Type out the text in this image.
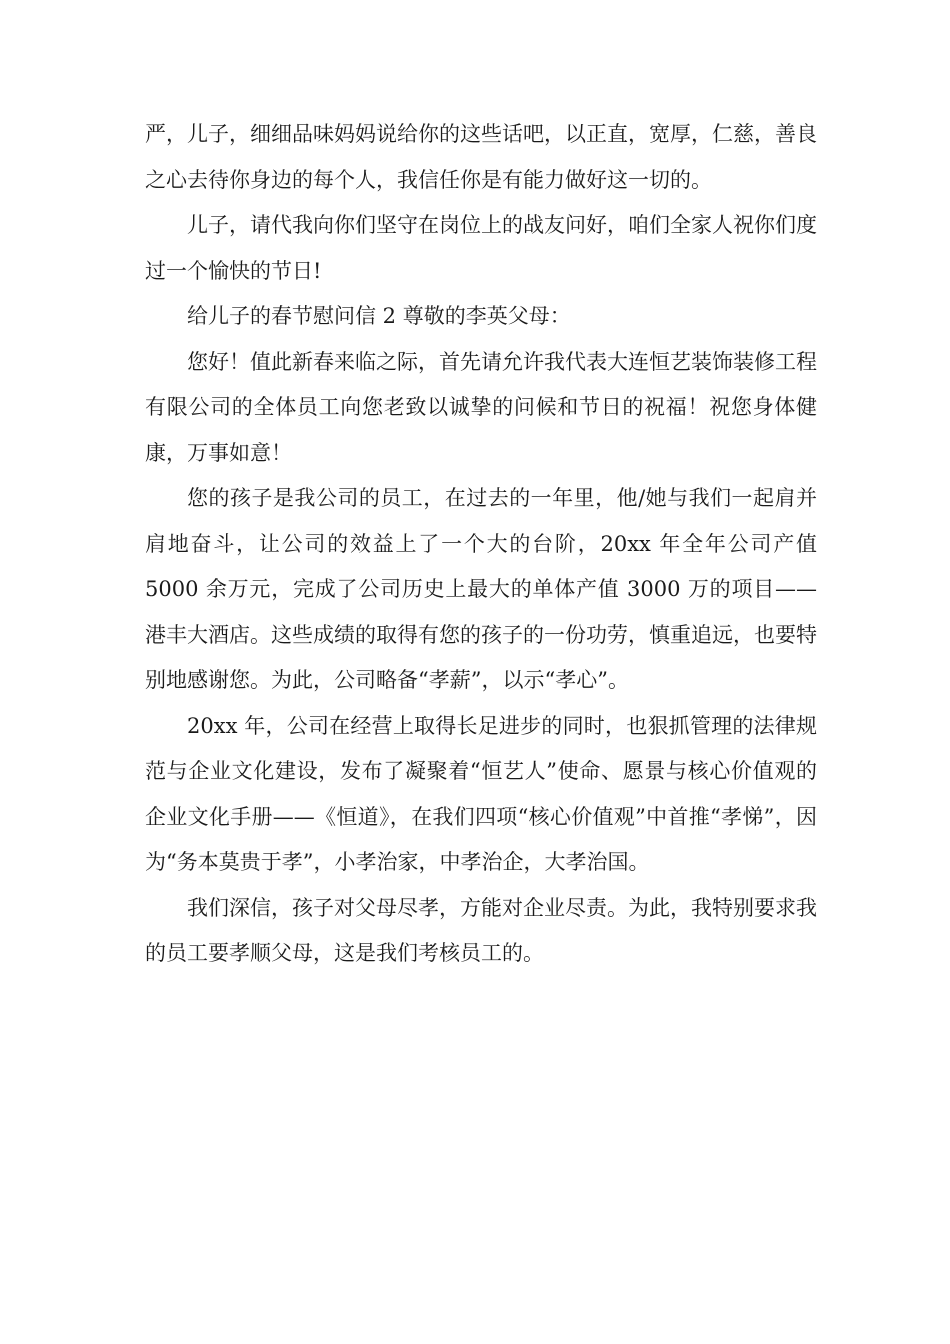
严，儿子，细细品味妈妈说给你的这些话吧，以正直，宽厚，仁慈，善良之心去待你身边的每个人，我信任你是有能力做好这一切的。

儿子，请代我向你们坚守在岗位上的战友问好，咱们全家人祝你们度过一个愉快的节日!

给儿子的春节慰问信 2 尊敬的李英父母：

您好！值此新春来临之际，首先请允许我代表大连恒艺装饰装修工程有限公司的全体员工向您老致以诚挚的问候和节日的祝福！祝您身体健康，万事如意！

您的孩子是我公司的员工，在过去的一年里，他/她与我们一起肩并肩地奋斗，让公司的效益上了一个大的台阶，20xx 年全年公司产值 5000 余万元，完成了公司历史上最大的单体产值 3000 万的项目——港丰大酒店。这些成绩的取得有您的孩子的一份功劳，慎重追远，也要特别地感谢您。为此，公司略备“孝薪”，以示“孝心”。

20xx 年，公司在经营上取得长足进步的同时，也狠抓管理的法律规范与企业文化建设，发布了凝聚着“恒艺人”使命、愿景与核心价值观的企业文化手册——《恒道》，在我们四项“核心价值观”中首推“孝悌”，因为“务本莫贵于孝”，小孝治家，中孝治企，大孝治国。

我们深信，孩子对父母尽孝，方能对企业尽责。为此，我特别要求我的员工要孝顺父母，这是我们考核员工的。
